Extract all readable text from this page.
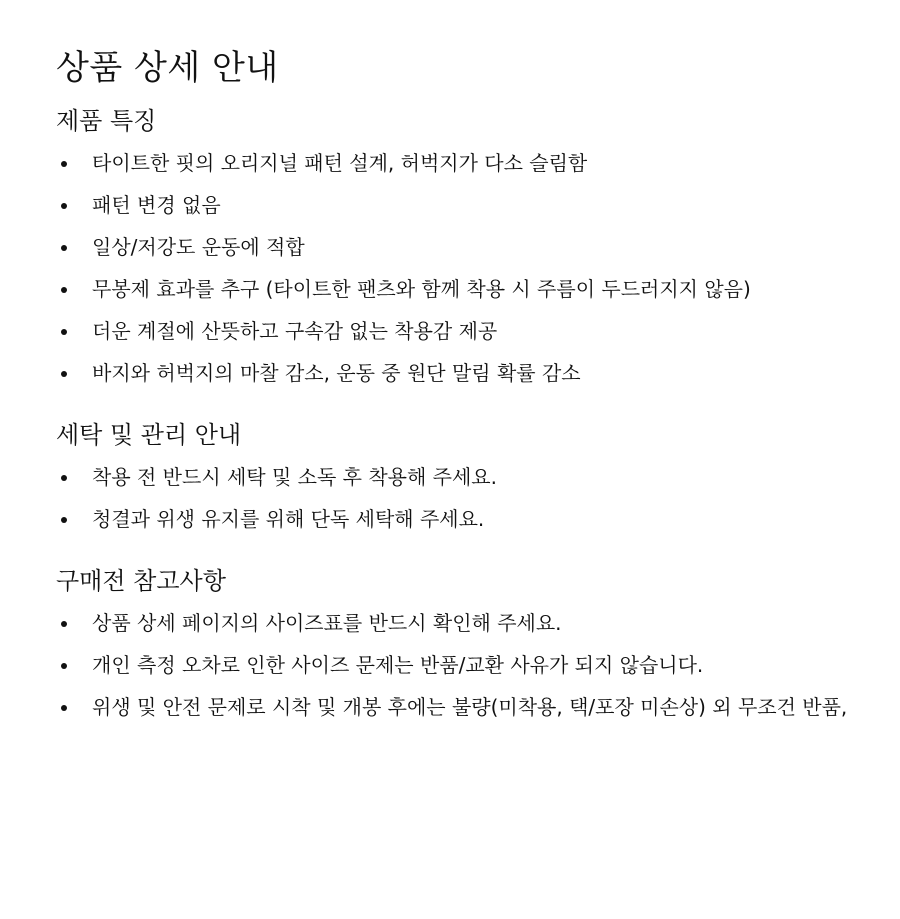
상품 상세 안내
제품 특징
타이트한 핏의 오리지널 패턴 설계, 허벅지가 다소 슬림함
패턴 변경 없음
일상/저강도 운동에 적합
무봉제 효과를 추구 (타이트한 팬츠와 함께 착용 시 주름이 두드러지지 않음)
더운 계절에 산뜻하고 구속감 없는 착용감 제공
바지와 허벅지의 마찰 감소, 운동 중 원단 말림 확률 감소
세탁 및 관리 안내
착용 전 반드시 세탁 및 소독 후 착용해 주세요.
청결과 위생 유지를 위해 단독 세탁해 주세요.
구매전 참고사항
상품 상세 페이지의 사이즈표를 반드시 확인해 주세요.
개인 측정 오차로 인한 사이즈 문제는 반품/교환 사유가 되지 않습니다.
위생 및 안전 문제로 시착 및 개봉 후에는 불량(미착용, 택/포장 미손상) 외 무조건 반품,
